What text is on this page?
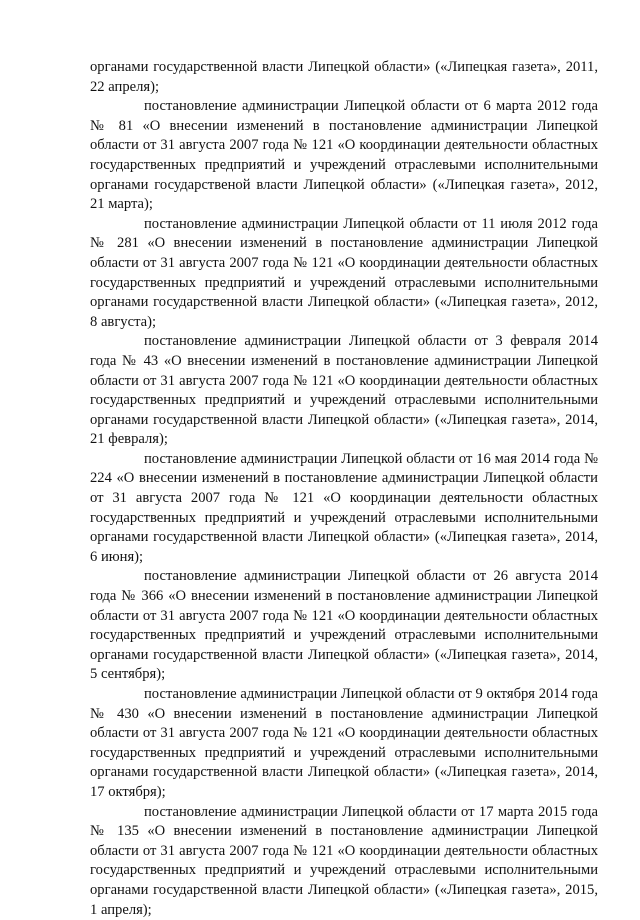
органами государственной власти Липецкой области» («Липецкая газета», 2011, 22 апреля);

постановление администрации Липецкой области от 6 марта 2012 года № 81 «О внесении изменений в постановление администрации Липецкой области от 31 августа 2007 года № 121 «О координации деятельности областных государственных предприятий и учреждений отраслевыми исполнительными органами государственой власти Липецкой области» («Липецкая газета», 2012, 21 марта);

постановление администрации Липецкой области от 11 июля 2012 года № 281 «О внесении изменений в постановление администрации Липецкой области от 31 августа 2007 года № 121 «О координации деятельности областных государственных предприятий и учреждений отраслевыми исполнительными органами государственной власти Липецкой области» («Липецкая газета», 2012, 8 августа);

постановление администрации Липецкой области от 3 февраля 2014 года № 43 «О внесении изменений в постановление администрации Липецкой области от 31 августа 2007 года № 121 «О координации деятельности областных государственных предприятий и учреждений отраслевыми исполнительными органами государственной власти Липецкой области» («Липецкая газета», 2014, 21 февраля);

постановление администрации Липецкой области от 16 мая 2014 года № 224 «О внесении изменений в постановление администрации Липецкой области от 31 августа 2007 года № 121 «О координации деятельности областных государственных предприятий и учреждений отраслевыми исполнительными органами государственной власти Липецкой области» («Липецкая газета», 2014, 6 июня);

постановление администрации Липецкой области от 26 августа 2014 года № 366 «О внесении изменений в постановление администрации Липецкой области от 31 августа 2007 года № 121 «О координации деятельности областных государственных предприятий и учреждений отраслевыми исполнительными органами государственной власти Липецкой области» («Липецкая газета», 2014, 5 сентября);

постановление администрации Липецкой области от 9 октября 2014 года № 430 «О внесении изменений в постановление администрации Липецкой области от 31 августа 2007 года № 121 «О координации деятельности областных государственных предприятий и учреждений отраслевыми исполнительными органами государственной власти Липецкой области» («Липецкая газета», 2014, 17 октября);

постановление администрации Липецкой области от 17 марта 2015 года № 135 «О внесении изменений в постановление администрации Липецкой области от 31 августа 2007 года № 121 «О координации деятельности областных государственных предприятий и учреждений отраслевыми исполнительными органами государственной власти Липецкой области» («Липецкая газета», 2015, 1 апреля);
